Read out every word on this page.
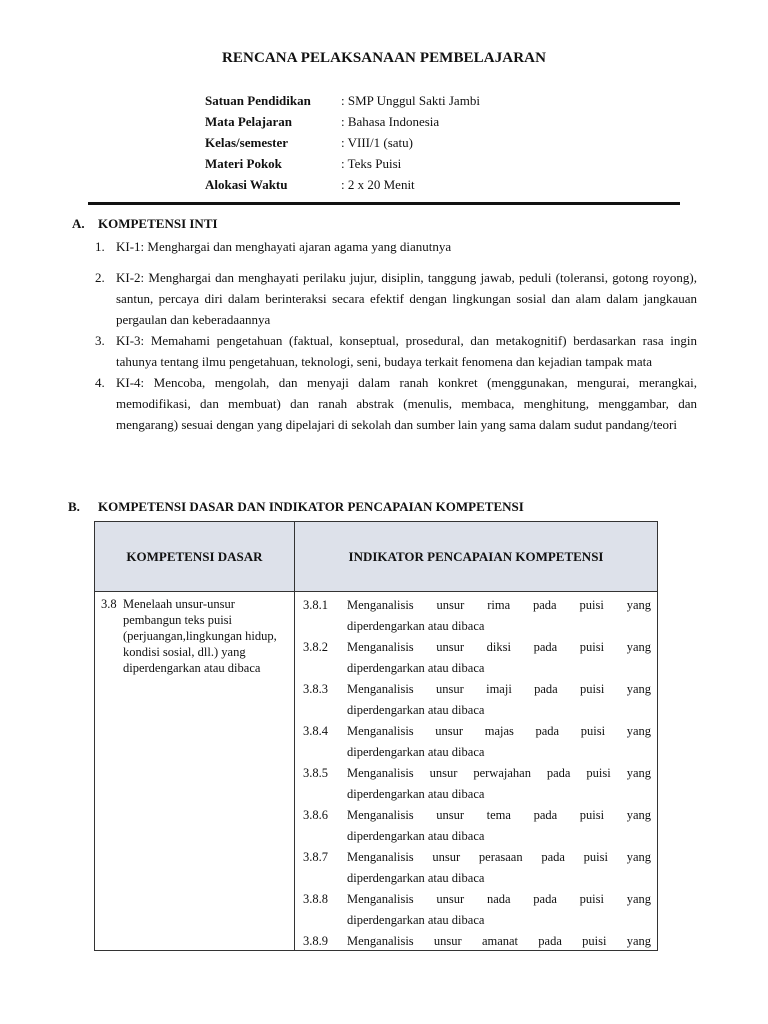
RENCANA PELAKSANAAN PEMBELAJARAN
Satuan Pendidikan	: SMP Unggul Sakti Jambi
Mata Pelajaran	: Bahasa Indonesia
Kelas/semester	: VIII/1 (satu)
Materi Pokok	: Teks Puisi
Alokasi Waktu	: 2 x 20 Menit
A. KOMPETENSI INTI
1. KI-1: Menghargai dan menghayati ajaran agama yang dianutnya
2. KI-2: Menghargai dan menghayati perilaku jujur, disiplin, tanggung jawab, peduli (toleransi, gotong royong), santun, percaya diri dalam berinteraksi secara efektif dengan lingkungan sosial dan alam dalam jangkauan pergaulan dan keberadaannya
3. KI-3: Memahami pengetahuan (faktual, konseptual, prosedural, dan metakognitif) berdasarkan rasa ingin tahunya tentang ilmu pengetahuan, teknologi, seni, budaya terkait fenomena dan kejadian tampak mata
4. KI-4: Mencoba, mengolah, dan menyaji dalam ranah konkret (menggunakan, mengurai, merangkai, memodifikasi, dan membuat) dan ranah abstrak (menulis, membaca, menghitung, menggambar, dan mengarang) sesuai dengan yang dipelajari di sekolah dan sumber lain yang sama dalam sudut pandang/teori
B. KOMPETENSI DASAR DAN INDIKATOR PENCAPAIAN KOMPETENSI
KOMPETENSI DASAR	INDIKATOR PENCAPAIAN KOMPETENSI
3.8 Menelaah unsur-unsur pembangun teks puisi (perjuangan,lingkungan hidup, kondisi sosial, dll.) yang diperdengarkan atau dibaca
3.8.1	Menganalisis unsur rima pada puisi yang
diperdengarkan atau dibaca
3.8.2	Menganalisis unsur diksi pada puisi yang
diperdengarkan atau dibaca
3.8.3	Menganalisis unsur imaji pada puisi yang
diperdengarkan atau dibaca
3.8.4	Menganalisis unsur majas pada puisi yang
diperdengarkan atau dibaca
3.8.5	Menganalisis unsur perwajahan pada puisi yang
diperdengarkan atau dibaca
3.8.6	Menganalisis unsur tema pada puisi yang
diperdengarkan atau dibaca
3.8.7	Menganalisis unsur perasaan pada puisi yang
diperdengarkan atau dibaca
3.8.8	Menganalisis unsur nada pada puisi yang
diperdengarkan atau dibaca
3.8.9	Menganalisis unsur amanat pada puisi yang
